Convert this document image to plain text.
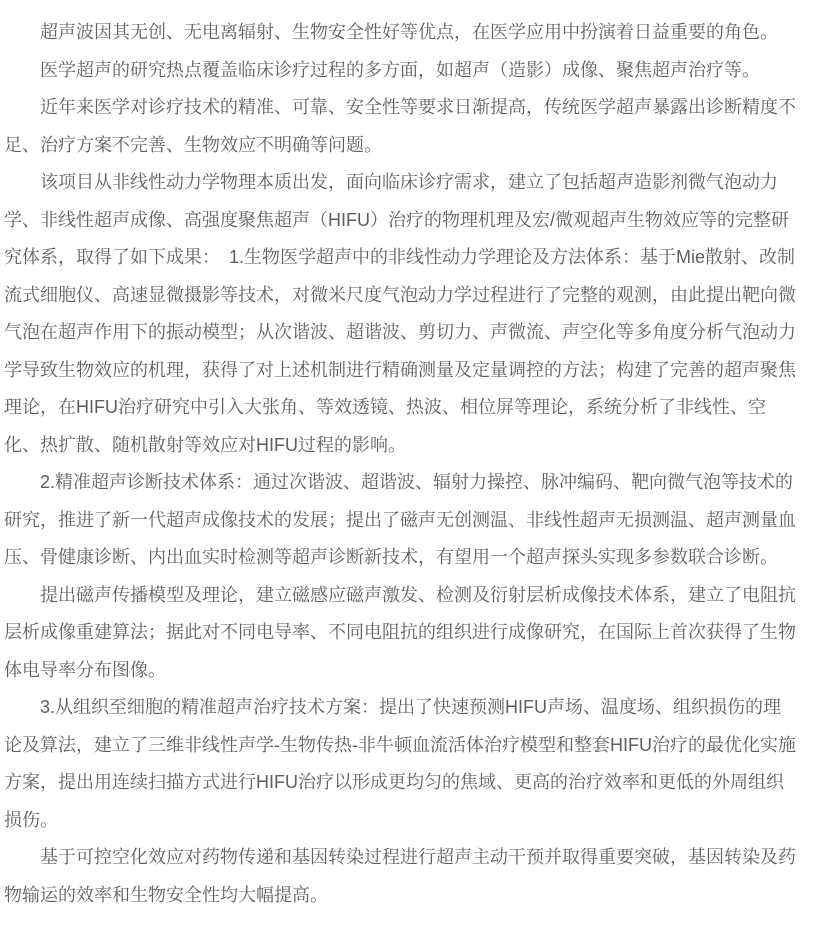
超声波因其无创、无电离辐射、生物安全性好等优点，在医学应用中扮演着日益重要的角色。

医学超声的研究热点覆盖临床诊疗过程的多方面，如超声（造影）成像、聚焦超声治疗等。

近年来医学对诊疗技术的精准、可靠、安全性等要求日渐提高，传统医学超声暴露出诊断精度不足、治疗方案不完善、生物效应不明确等问题。

该项目从非线性动力学物理本质出发，面向临床诊疗需求，建立了包括超声造影剂微气泡动力学、非线性超声成像、高强度聚焦超声（HIFU）治疗的物理机理及宏/微观超声生物效应等的完整研究体系，取得了如下成果：　1.生物医学超声中的非线性动力学理论及方法体系：基于Mie散射、改制流式细胞仪、高速显微摄影等技术，对微米尺度气泡动力学过程进行了完整的观测，由此提出靶向微气泡在超声作用下的振动模型；从次谐波、超谐波、剪切力、声微流、声空化等多角度分析气泡动力学导致生物效应的机理，获得了对上述机制进行精确测量及定量调控的方法；构建了完善的超声聚焦理论，在HIFU治疗研究中引入大张角、等效透镜、热波、相位屏等理论，系统分析了非线性、空化、热扩散、随机散射等效应对HIFU过程的影响。

2.精准超声诊断技术体系：通过次谐波、超谐波、辐射力操控、脉冲编码、靶向微气泡等技术的研究，推进了新一代超声成像技术的发展；提出了磁声无创测温、非线性超声无损测温、超声测量血压、骨健康诊断、内出血实时检测等超声诊断新技术，有望用一个超声探头实现多参数联合诊断。

提出磁声传播模型及理论，建立磁感应磁声激发、检测及衍射层析成像技术体系，建立了电阻抗层析成像重建算法；据此对不同电导率、不同电阻抗的组织进行成像研究，在国际上首次获得了生物体电导率分布图像。

3.从组织至细胞的精准超声治疗技术方案：提出了快速预测HIFU声场、温度场、组织损伤的理论及算法，建立了三维非线性声学-生物传热-非牛顿血流活体治疗模型和整套HIFU治疗的最优化实施方案，提出用连续扫描方式进行HIFU治疗以形成更均匀的焦域、更高的治疗效率和更低的外周组织损伤。

基于可控空化效应对药物传递和基因转染过程进行超声主动干预并取得重要突破，基因转染及药物输运的效率和生物安全性均大幅提高。
